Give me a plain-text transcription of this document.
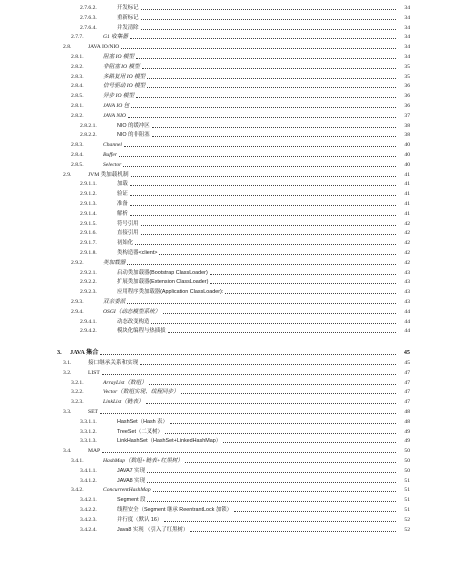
2.7.6.2.	开发标记	34
2.7.6.3.	重新标记	34
2.7.6.4.	并发清除	34
2.7.7.	G1 收集器	34
2.8.	JAVA IO/NIO	34
2.8.1.	阻塞 IO 模型	34
2.8.2.	非阻塞 IO 模型	35
2.8.3.	多路复用 IO 模型	35
2.8.4.	信号驱动 IO 模型	36
2.8.5.	异步 IO 模型	36
2.8.1.	JAVA IO 包	36
2.8.2.	JAVA NIO	37
2.8.2.1.	NIO 的缓冲区	38
2.8.2.2.	NIO 的非阻塞	38
2.8.3.	Channel	40
2.8.4.	Buffer	40
2.8.5.	Selector	40
2.9.	JVM 类加载机制	41
2.9.1.1.	加载	41
2.9.1.2.	验证	41
2.9.1.3.	准备	41
2.9.1.4.	解析	41
2.9.1.5.	符号引用	42
2.9.1.6.	直接引用	42
2.9.1.7.	初始化	42
2.9.1.8.	类构造器<client>	42
2.9.2.	类加载器	42
2.9.2.1.	启动类加载器(Bootstrap ClassLoader)	43
2.9.2.2.	扩展类加载器(Extension ClassLoader)	43
2.9.2.3.	应用程序类加载器(Application ClassLoader):	43
2.9.3.	双亲委派	43
2.9.4.	OSGI（动态模型系统）	44
2.9.4.1.	动态改变构造	44
2.9.4.2.	模块化编程与热插拔	44
3. JAVA 集合	45
3.1.	接口继承关系和实现	45
3.2.	LIST	47
3.2.1.	ArrayList（数组）	47
3.2.2.	Vector（数组实现、线程同步）	47
3.2.3.	LinkList（链表）	47
3.3.	SET	48
3.3.1.1.	HashSet（Hash 表）	48
3.3.1.2.	TreeSet（二叉树）	49
3.3.1.3.	LinkHashSet（HashSet+LinkedHashMap）	49
3.4.	MAP	50
3.4.1.	HashMap（数组+链表+红黑树）	50
3.4.1.1.	JAVA7 实现	50
3.4.1.2.	JAVA8 实现	51
3.4.2.	ConcurrentHashMap	51
3.4.2.1.	Segment 段	51
3.4.2.2.	线程安全（Segment 继承 ReentrantLock 加锁）	51
3.4.2.3.	并行度（默认 16）	52
3.4.2.4.	Java8 实现 （引入了红黑树）	52
